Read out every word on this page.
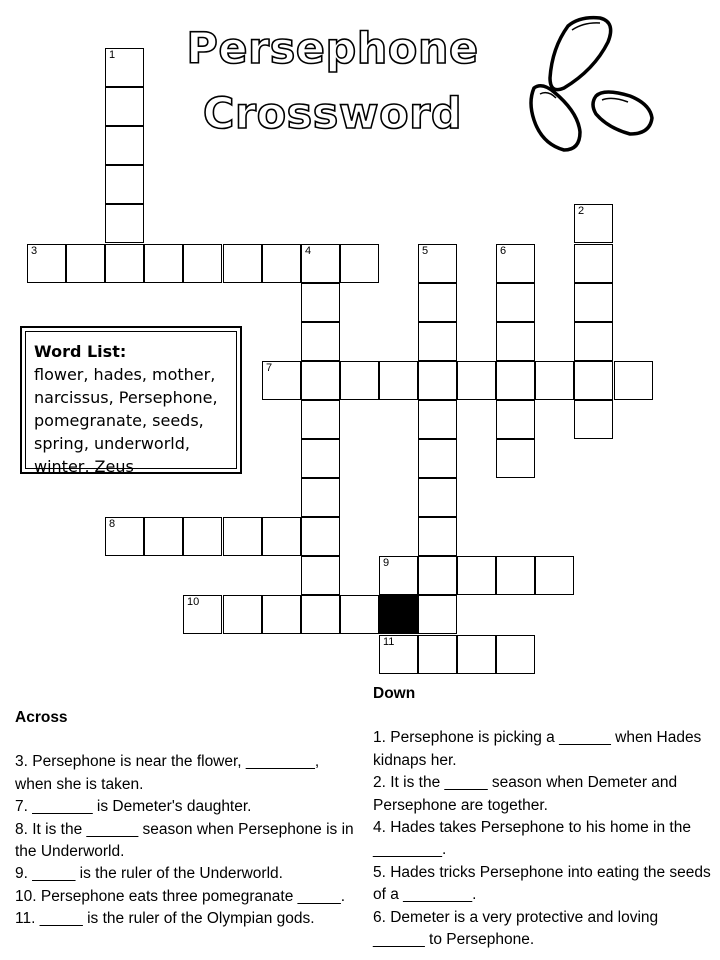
Persephone
Crossword
1
2
3	4	5	6
7
8
9
10
11
Word List:
flower, hades, mother,
narcissus, Persephone,
pomegranate, seeds,
spring, underworld,
winter, Zeus
Across
3. Persephone is near the flower, ________, when she is taken.
7. _______ is Demeter's daughter.
8. It is the ______ season when Persephone is in the Underworld.
9. _____ is the ruler of the Underworld.
10. Persephone eats three pomegranate _____.
11. _____ is the ruler of the Olympian gods.
Down
1. Persephone is picking a ______ when Hades kidnaps her.
2. It is the _____ season when Demeter and Persephone are together.
4. Hades takes Persephone to his home in the ________.
5. Hades tricks Persephone into eating the seeds of a ________.
6. Demeter is a very protective and loving ______ to Persephone.
